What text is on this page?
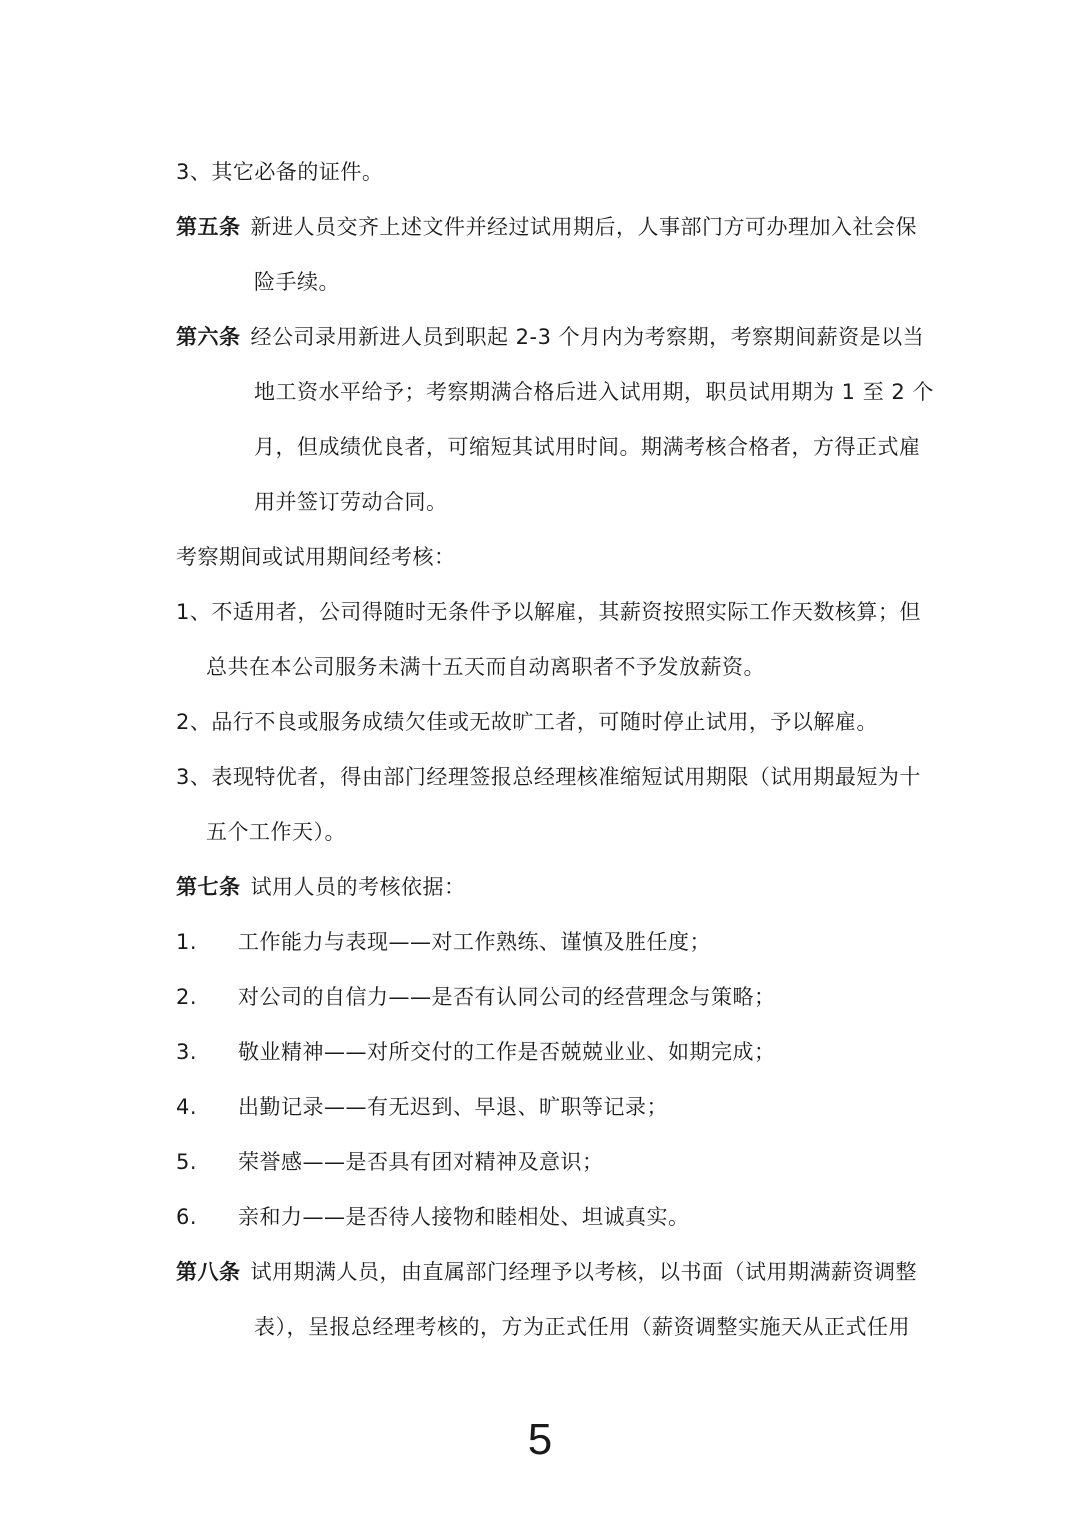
3、其它必备的证件。
第五条 新进人员交齐上述文件并经过试用期后，人事部门方可办理加入社会保
险手续。
第六条 经公司录用新进人员到职起 2-3 个月内为考察期，考察期间薪资是以当
地工资水平给予；考察期满合格后进入试用期，职员试用期为 1 至 2 个
月，但成绩优良者，可缩短其试用时间。期满考核合格者，方得正式雇
用并签订劳动合同。
考察期间或试用期间经考核：
1、不适用者，公司得随时无条件予以解雇，其薪资按照实际工作天数核算；但
总共在本公司服务未满十五天而自动离职者不予发放薪资。
2、品行不良或服务成绩欠佳或无故旷工者，可随时停止试用，予以解雇。
3、表现特优者，得由部门经理签报总经理核准缩短试用期限（试用期最短为十
五个工作天）。
第七条 试用人员的考核依据：
1. 工作能力与表现——对工作熟练、谨慎及胜任度；
2. 对公司的自信力——是否有认同公司的经营理念与策略；
3. 敬业精神——对所交付的工作是否兢兢业业、如期完成；
4. 出勤记录——有无迟到、早退、旷职等记录；
5. 荣誉感——是否具有团对精神及意识；
6. 亲和力——是否待人接物和睦相处、坦诚真实。
第八条 试用期满人员，由直属部门经理予以考核，以书面（试用期满薪资调整
表），呈报总经理考核的，方为正式任用（薪资调整实施天从正式任用
5
